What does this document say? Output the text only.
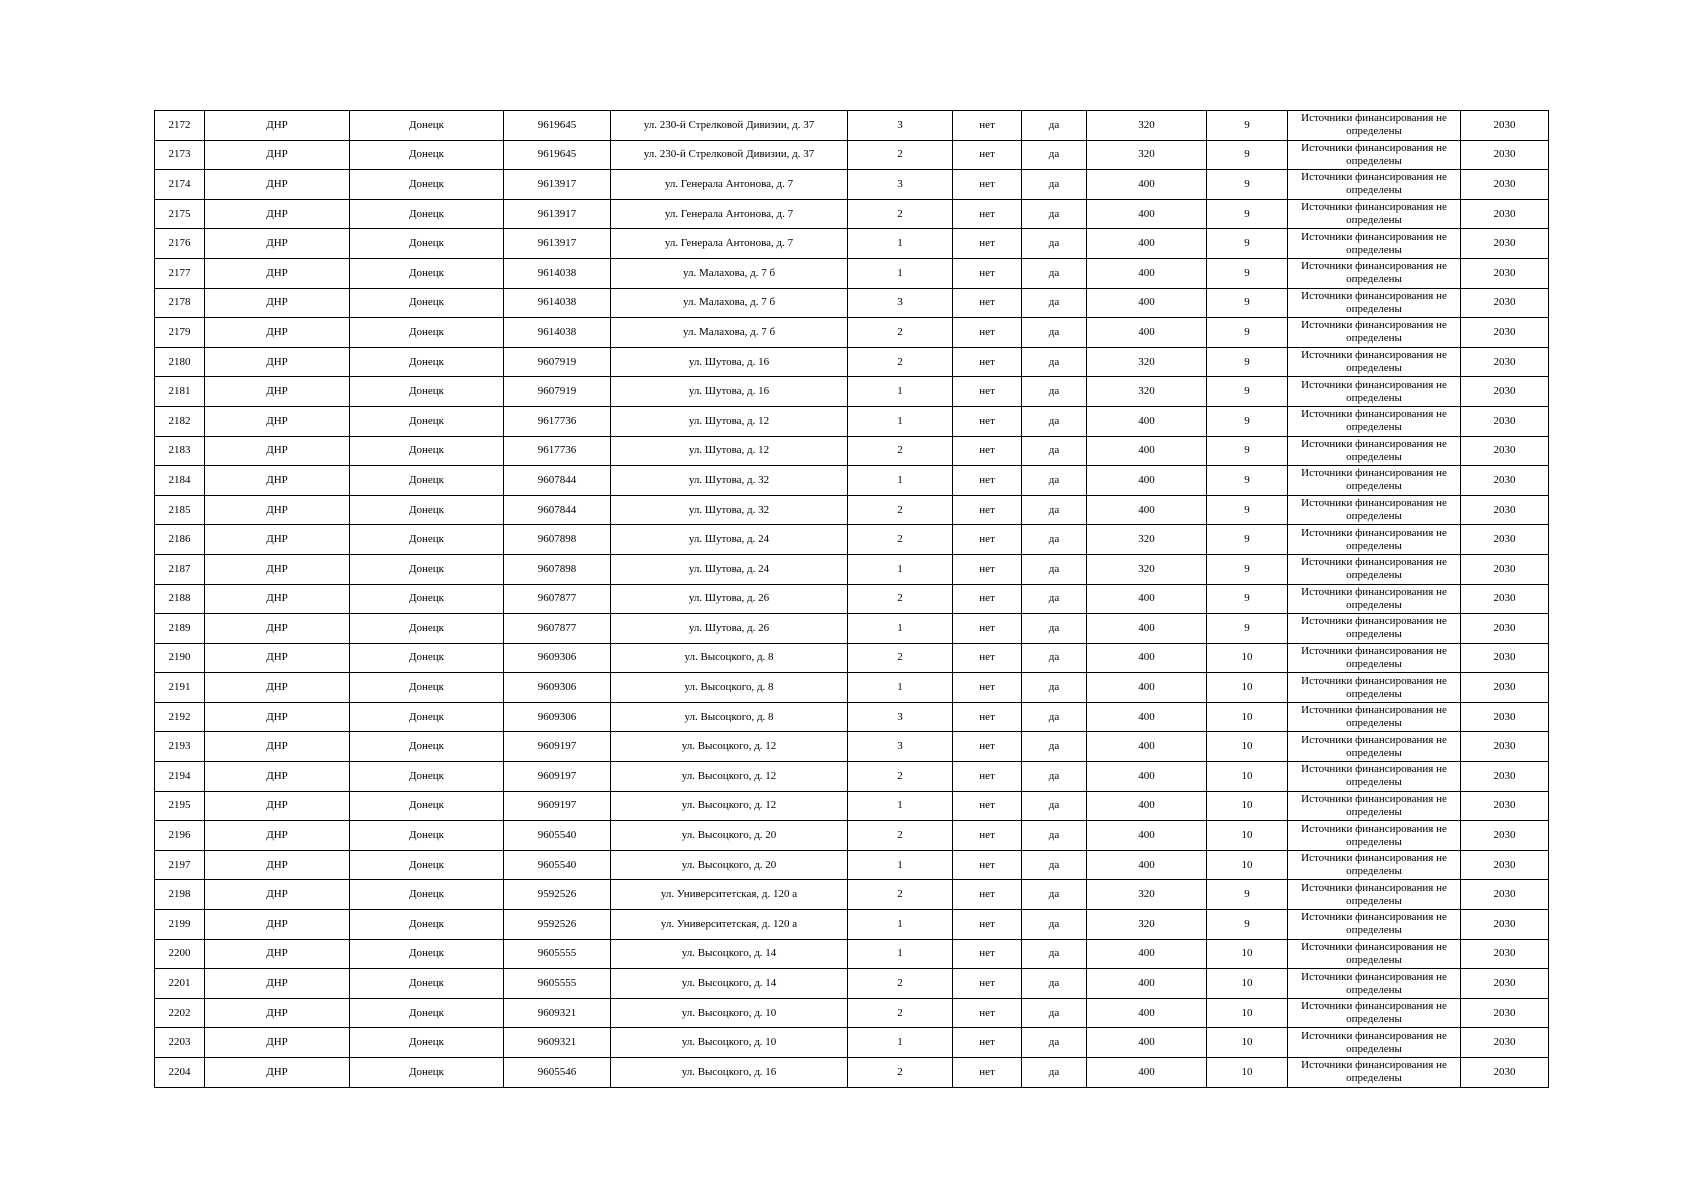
2172	ДНР	Донецк	9619645	ул. 230-й Стрелковой Дивизии, д. 37	3	нет	да	320	9	Источники финансирования не определены	2030
2173	ДНР	Донецк	9619645	ул. 230-й Стрелковой Дивизии, д. 37	2	нет	да	320	9	Источники финансирования не определены	2030
2174	ДНР	Донецк	9613917	ул. Генерала Антонова, д. 7	3	нет	да	400	9	Источники финансирования не определены	2030
2175	ДНР	Донецк	9613917	ул. Генерала Антонова, д. 7	2	нет	да	400	9	Источники финансирования не определены	2030
2176	ДНР	Донецк	9613917	ул. Генерала Антонова, д. 7	1	нет	да	400	9	Источники финансирования не определены	2030
2177	ДНР	Донецк	9614038	ул. Малахова, д. 7 б	1	нет	да	400	9	Источники финансирования не определены	2030
2178	ДНР	Донецк	9614038	ул. Малахова, д. 7 б	3	нет	да	400	9	Источники финансирования не определены	2030
2179	ДНР	Донецк	9614038	ул. Малахова, д. 7 б	2	нет	да	400	9	Источники финансирования не определены	2030
2180	ДНР	Донецк	9607919	ул. Шутова, д. 16	2	нет	да	320	9	Источники финансирования не определены	2030
2181	ДНР	Донецк	9607919	ул. Шутова, д. 16	1	нет	да	320	9	Источники финансирования не определены	2030
2182	ДНР	Донецк	9617736	ул. Шутова, д. 12	1	нет	да	400	9	Источники финансирования не определены	2030
2183	ДНР	Донецк	9617736	ул. Шутова, д. 12	2	нет	да	400	9	Источники финансирования не определены	2030
2184	ДНР	Донецк	9607844	ул. Шутова, д. 32	1	нет	да	400	9	Источники финансирования не определены	2030
2185	ДНР	Донецк	9607844	ул. Шутова, д. 32	2	нет	да	400	9	Источники финансирования не определены	2030
2186	ДНР	Донецк	9607898	ул. Шутова, д. 24	2	нет	да	320	9	Источники финансирования не определены	2030
2187	ДНР	Донецк	9607898	ул. Шутова, д. 24	1	нет	да	320	9	Источники финансирования не определены	2030
2188	ДНР	Донецк	9607877	ул. Шутова, д. 26	2	нет	да	400	9	Источники финансирования не определены	2030
2189	ДНР	Донецк	9607877	ул. Шутова, д. 26	1	нет	да	400	9	Источники финансирования не определены	2030
2190	ДНР	Донецк	9609306	ул. Высоцкого, д. 8	2	нет	да	400	10	Источники финансирования не определены	2030
2191	ДНР	Донецк	9609306	ул. Высоцкого, д. 8	1	нет	да	400	10	Источники финансирования не определены	2030
2192	ДНР	Донецк	9609306	ул. Высоцкого, д. 8	3	нет	да	400	10	Источники финансирования не определены	2030
2193	ДНР	Донецк	9609197	ул. Высоцкого, д. 12	3	нет	да	400	10	Источники финансирования не определены	2030
2194	ДНР	Донецк	9609197	ул. Высоцкого, д. 12	2	нет	да	400	10	Источники финансирования не определены	2030
2195	ДНР	Донецк	9609197	ул. Высоцкого, д. 12	1	нет	да	400	10	Источники финансирования не определены	2030
2196	ДНР	Донецк	9605540	ул. Высоцкого, д. 20	2	нет	да	400	10	Источники финансирования не определены	2030
2197	ДНР	Донецк	9605540	ул. Высоцкого, д. 20	1	нет	да	400	10	Источники финансирования не определены	2030
2198	ДНР	Донецк	9592526	ул. Университетская, д. 120 а	2	нет	да	320	9	Источники финансирования не определены	2030
2199	ДНР	Донецк	9592526	ул. Университетская, д. 120 а	1	нет	да	320	9	Источники финансирования не определены	2030
2200	ДНР	Донецк	9605555	ул. Высоцкого, д. 14	1	нет	да	400	10	Источники финансирования не определены	2030
2201	ДНР	Донецк	9605555	ул. Высоцкого, д. 14	2	нет	да	400	10	Источники финансирования не определены	2030
2202	ДНР	Донецк	9609321	ул. Высоцкого, д. 10	2	нет	да	400	10	Источники финансирования не определены	2030
2203	ДНР	Донецк	9609321	ул. Высоцкого, д. 10	1	нет	да	400	10	Источники финансирования не определены	2030
2204	ДНР	Донецк	9605546	ул. Высоцкого, д. 16	2	нет	да	400	10	Источники финансирования не определены	2030
